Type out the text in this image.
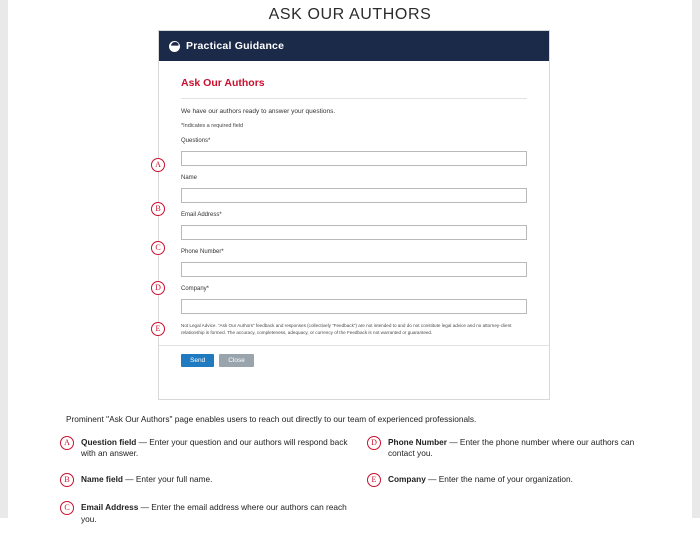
ASK OUR AUTHORS
Practical Guidance
Ask Our Authors
We have our authors ready to answer your questions.
*Indicates a required field
Questions*
Name
Email Address*
Phone Number*
Company*
Not Legal Advice. “Ask Our Authors” feedback and responses (collectively “Feedback”) are not intended to and do not constitute legal advice and no attorney-client relationship is formed. The accuracy, completeness, adequacy, or currency of the Feedback is not warranted or guaranteed.
Send	Close
A
B
C
D
E
Prominent "Ask Our Authors" page enables users to reach out directly to our team of experienced professionals.
A	Question field — Enter your question and our authors will respond back with an answer.
B	Name field — Enter your full name.
C	Email Address — Enter the email address where our authors can reach you.
D	Phone Number — Enter the phone number where our authors can contact you.
E	Company — Enter the name of your organization.
